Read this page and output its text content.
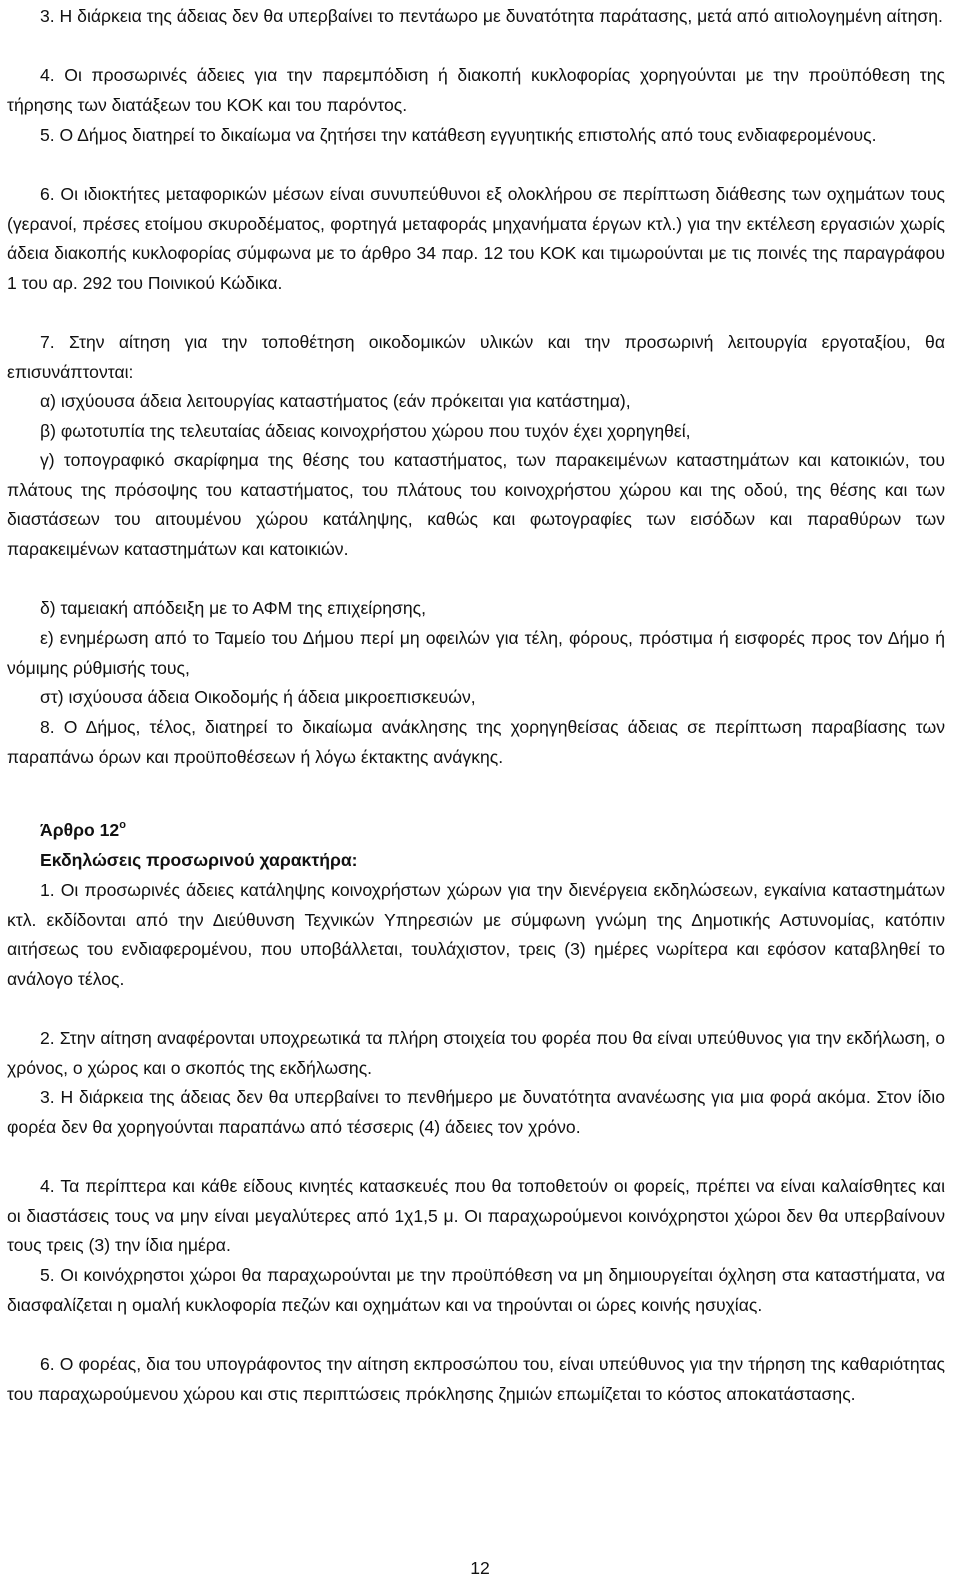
3. Η διάρκεια της άδειας δεν θα υπερβαίνει το πεντάωρο με δυνατότητα παράτασης, μετά από αιτιολογημένη αίτηση.

4. Οι προσωρινές άδειες για την παρεμπόδιση ή διακοπή κυκλοφορίας χορηγούνται με την προϋπόθεση της τήρησης των διατάξεων του ΚΟΚ και του παρόντος.

5. Ο Δήμος διατηρεί το δικαίωμα να ζητήσει την κατάθεση εγγυητικής επιστολής από τους ενδιαφερομένους.

6. Οι ιδιοκτήτες μεταφορικών μέσων είναι συνυπεύθυνοι εξ ολοκλήρου σε περίπτωση διάθεσης των οχημάτων τους (γερανοί, πρέσες ετοίμου σκυροδέματος, φορτηγά μεταφοράς μηχανήματα έργων κτλ.) για την εκτέλεση εργασιών χωρίς άδεια διακοπής κυκλοφορίας σύμφωνα με το άρθρο 34 παρ. 12 του ΚΟΚ και τιμωρούνται με τις ποινές της παραγράφου 1 του αρ. 292 του Ποινικού Κώδικα.

7. Στην αίτηση για την τοποθέτηση οικοδομικών υλικών και την προσωρινή λειτουργία εργοταξίου, θα επισυνάπτονται:

α) ισχύουσα άδεια λειτουργίας καταστήματος (εάν πρόκειται για κατάστημα),

β) φωτοτυπία της τελευταίας άδειας κοινοχρήστου χώρου που τυχόν έχει χορηγηθεί,

γ) τοπογραφικό σκαρίφημα της θέσης του καταστήματος, των παρακειμένων καταστημάτων και κατοικιών, του πλάτους της πρόσοψης του καταστήματος, του πλάτους του κοινοχρήστου χώρου και της οδού, της θέσης και των διαστάσεων του αιτουμένου χώρου κατάληψης, καθώς και φωτογραφίες των εισόδων και παραθύρων των παρακειμένων καταστημάτων και κατοικιών.

δ) ταμειακή απόδειξη με το ΑΦΜ της επιχείρησης,

ε) ενημέρωση από το Ταμείο του Δήμου περί μη οφειλών για τέλη, φόρους, πρόστιμα ή εισφορές προς τον Δήμο ή νόμιμης ρύθμισής τους,

στ) ισχύουσα άδεια Οικοδομής ή άδεια μικροεπισκευών,

8. Ο Δήμος, τέλος, διατηρεί το δικαίωμα ανάκλησης της χορηγηθείσας άδειας σε περίπτωση παραβίασης των παραπάνω όρων και προϋποθέσεων ή λόγω έκτακτης ανάγκης.

Άρθρο $12^o$

Εκδηλώσεις προσωρινού χαρακτήρα:

1. Οι προσωρινές άδειες κατάληψης κοινοχρήστων χώρων για την διενέργεια εκδηλώσεων, εγκαίνια καταστημάτων κτλ. εκδίδονται από την Διεύθυνση Τεχνικών Υπηρεσιών με σύμφωνη γνώμη της Δημοτικής Αστυνομίας, κατόπιν αιτήσεως του ενδιαφερομένου, που υποβάλλεται, τουλάχιστον, τρεις (3) ημέρες νωρίτερα και εφόσον καταβληθεί το ανάλογο τέλος.

2. Στην αίτηση αναφέρονται υποχρεωτικά τα πλήρη στοιχεία του φορέα που θα είναι υπεύθυνος για την εκδήλωση, ο χρόνος, ο χώρος και ο σκοπός της εκδήλωσης.

3. Η διάρκεια της άδειας δεν θα υπερβαίνει το πενθήμερο με δυνατότητα ανανέωσης για μια φορά ακόμα. Στον ίδιο φορέα δεν θα χορηγούνται παραπάνω από τέσσερις (4) άδειες τον χρόνο.

4. Τα περίπτερα και κάθε είδους κινητές κατασκευές που θα τοποθετούν οι φορείς, πρέπει να είναι καλαίσθητες και οι διαστάσεις τους να μην είναι μεγαλύτερες από 1χ1,5 μ. Οι παραχωρούμενοι κοινόχρηστοι χώροι δεν θα υπερβαίνουν τους τρεις (3) την ίδια ημέρα.

5. Οι κοινόχρηστοι χώροι θα παραχωρούνται με την προϋπόθεση να μη δημιουργείται όχληση στα καταστήματα, να διασφαλίζεται η ομαλή κυκλοφορία πεζών και οχημάτων και να τηρούνται οι ώρες κοινής ησυχίας.

6. Ο φορέας, δια του υπογράφοντος την αίτηση εκπροσώπου του, είναι υπεύθυνος για την τήρηση της καθαριότητας του παραχωρούμενου χώρου και στις περιπτώσεις πρόκλησης ζημιών επωμίζεται το κόστος αποκατάστασης.

12
